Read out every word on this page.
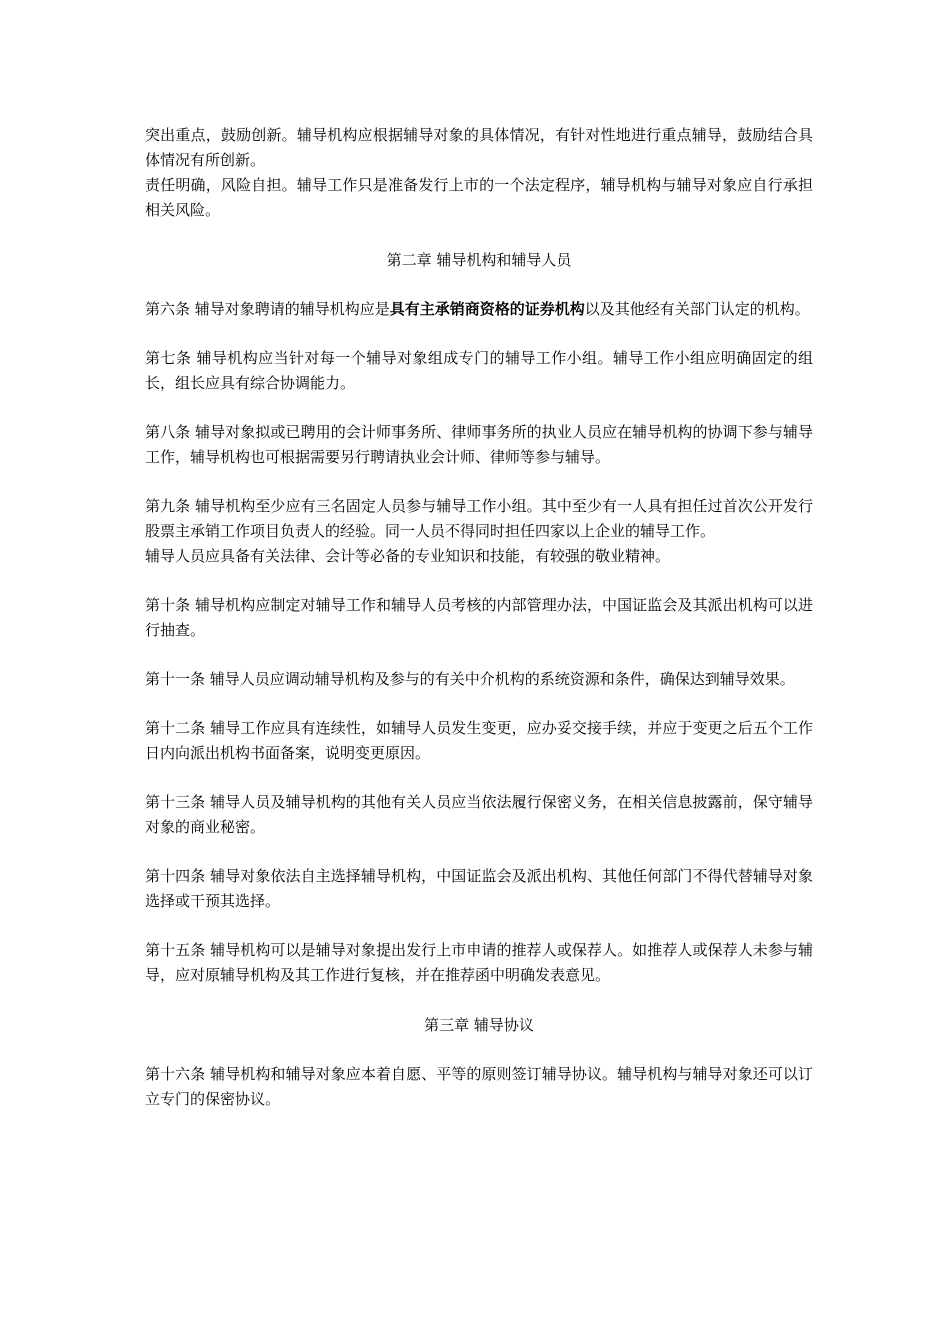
突出重点，鼓励创新。辅导机构应根据辅导对象的具体情况，有针对性地进行重点辅导，鼓励结合具体情况有所创新。

责任明确，风险自担。辅导工作只是准备发行上市的一个法定程序，辅导机构与辅导对象应自行承担相关风险。

第二章 辅导机构和辅导人员

第六条 辅导对象聘请的辅导机构应是具有主承销商资格的证券机构以及其他经有关部门认定的机构。

第七条 辅导机构应当针对每一个辅导对象组成专门的辅导工作小组。辅导工作小组应明确固定的组长，组长应具有综合协调能力。

第八条 辅导对象拟或已聘用的会计师事务所、律师事务所的执业人员应在辅导机构的协调下参与辅导工作，辅导机构也可根据需要另行聘请执业会计师、律师等参与辅导。

第九条 辅导机构至少应有三名固定人员参与辅导工作小组。其中至少有一人具有担任过首次公开发行股票主承销工作项目负责人的经验。同一人员不得同时担任四家以上企业的辅导工作。

辅导人员应具备有关法律、会计等必备的专业知识和技能，有较强的敬业精神。

第十条 辅导机构应制定对辅导工作和辅导人员考核的内部管理办法，中国证监会及其派出机构可以进行抽查。

第十一条 辅导人员应调动辅导机构及参与的有关中介机构的系统资源和条件，确保达到辅导效果。

第十二条 辅导工作应具有连续性，如辅导人员发生变更，应办妥交接手续，并应于变更之后五个工作日内向派出机构书面备案，说明变更原因。

第十三条 辅导人员及辅导机构的其他有关人员应当依法履行保密义务，在相关信息披露前，保守辅导对象的商业秘密。

第十四条 辅导对象依法自主选择辅导机构，中国证监会及派出机构、其他任何部门不得代替辅导对象选择或干预其选择。

第十五条 辅导机构可以是辅导对象提出发行上市申请的推荐人或保荐人。如推荐人或保荐人未参与辅导，应对原辅导机构及其工作进行复核，并在推荐函中明确发表意见。

第三章 辅导协议

第十六条 辅导机构和辅导对象应本着自愿、平等的原则签订辅导协议。辅导机构与辅导对象还可以订立专门的保密协议。
